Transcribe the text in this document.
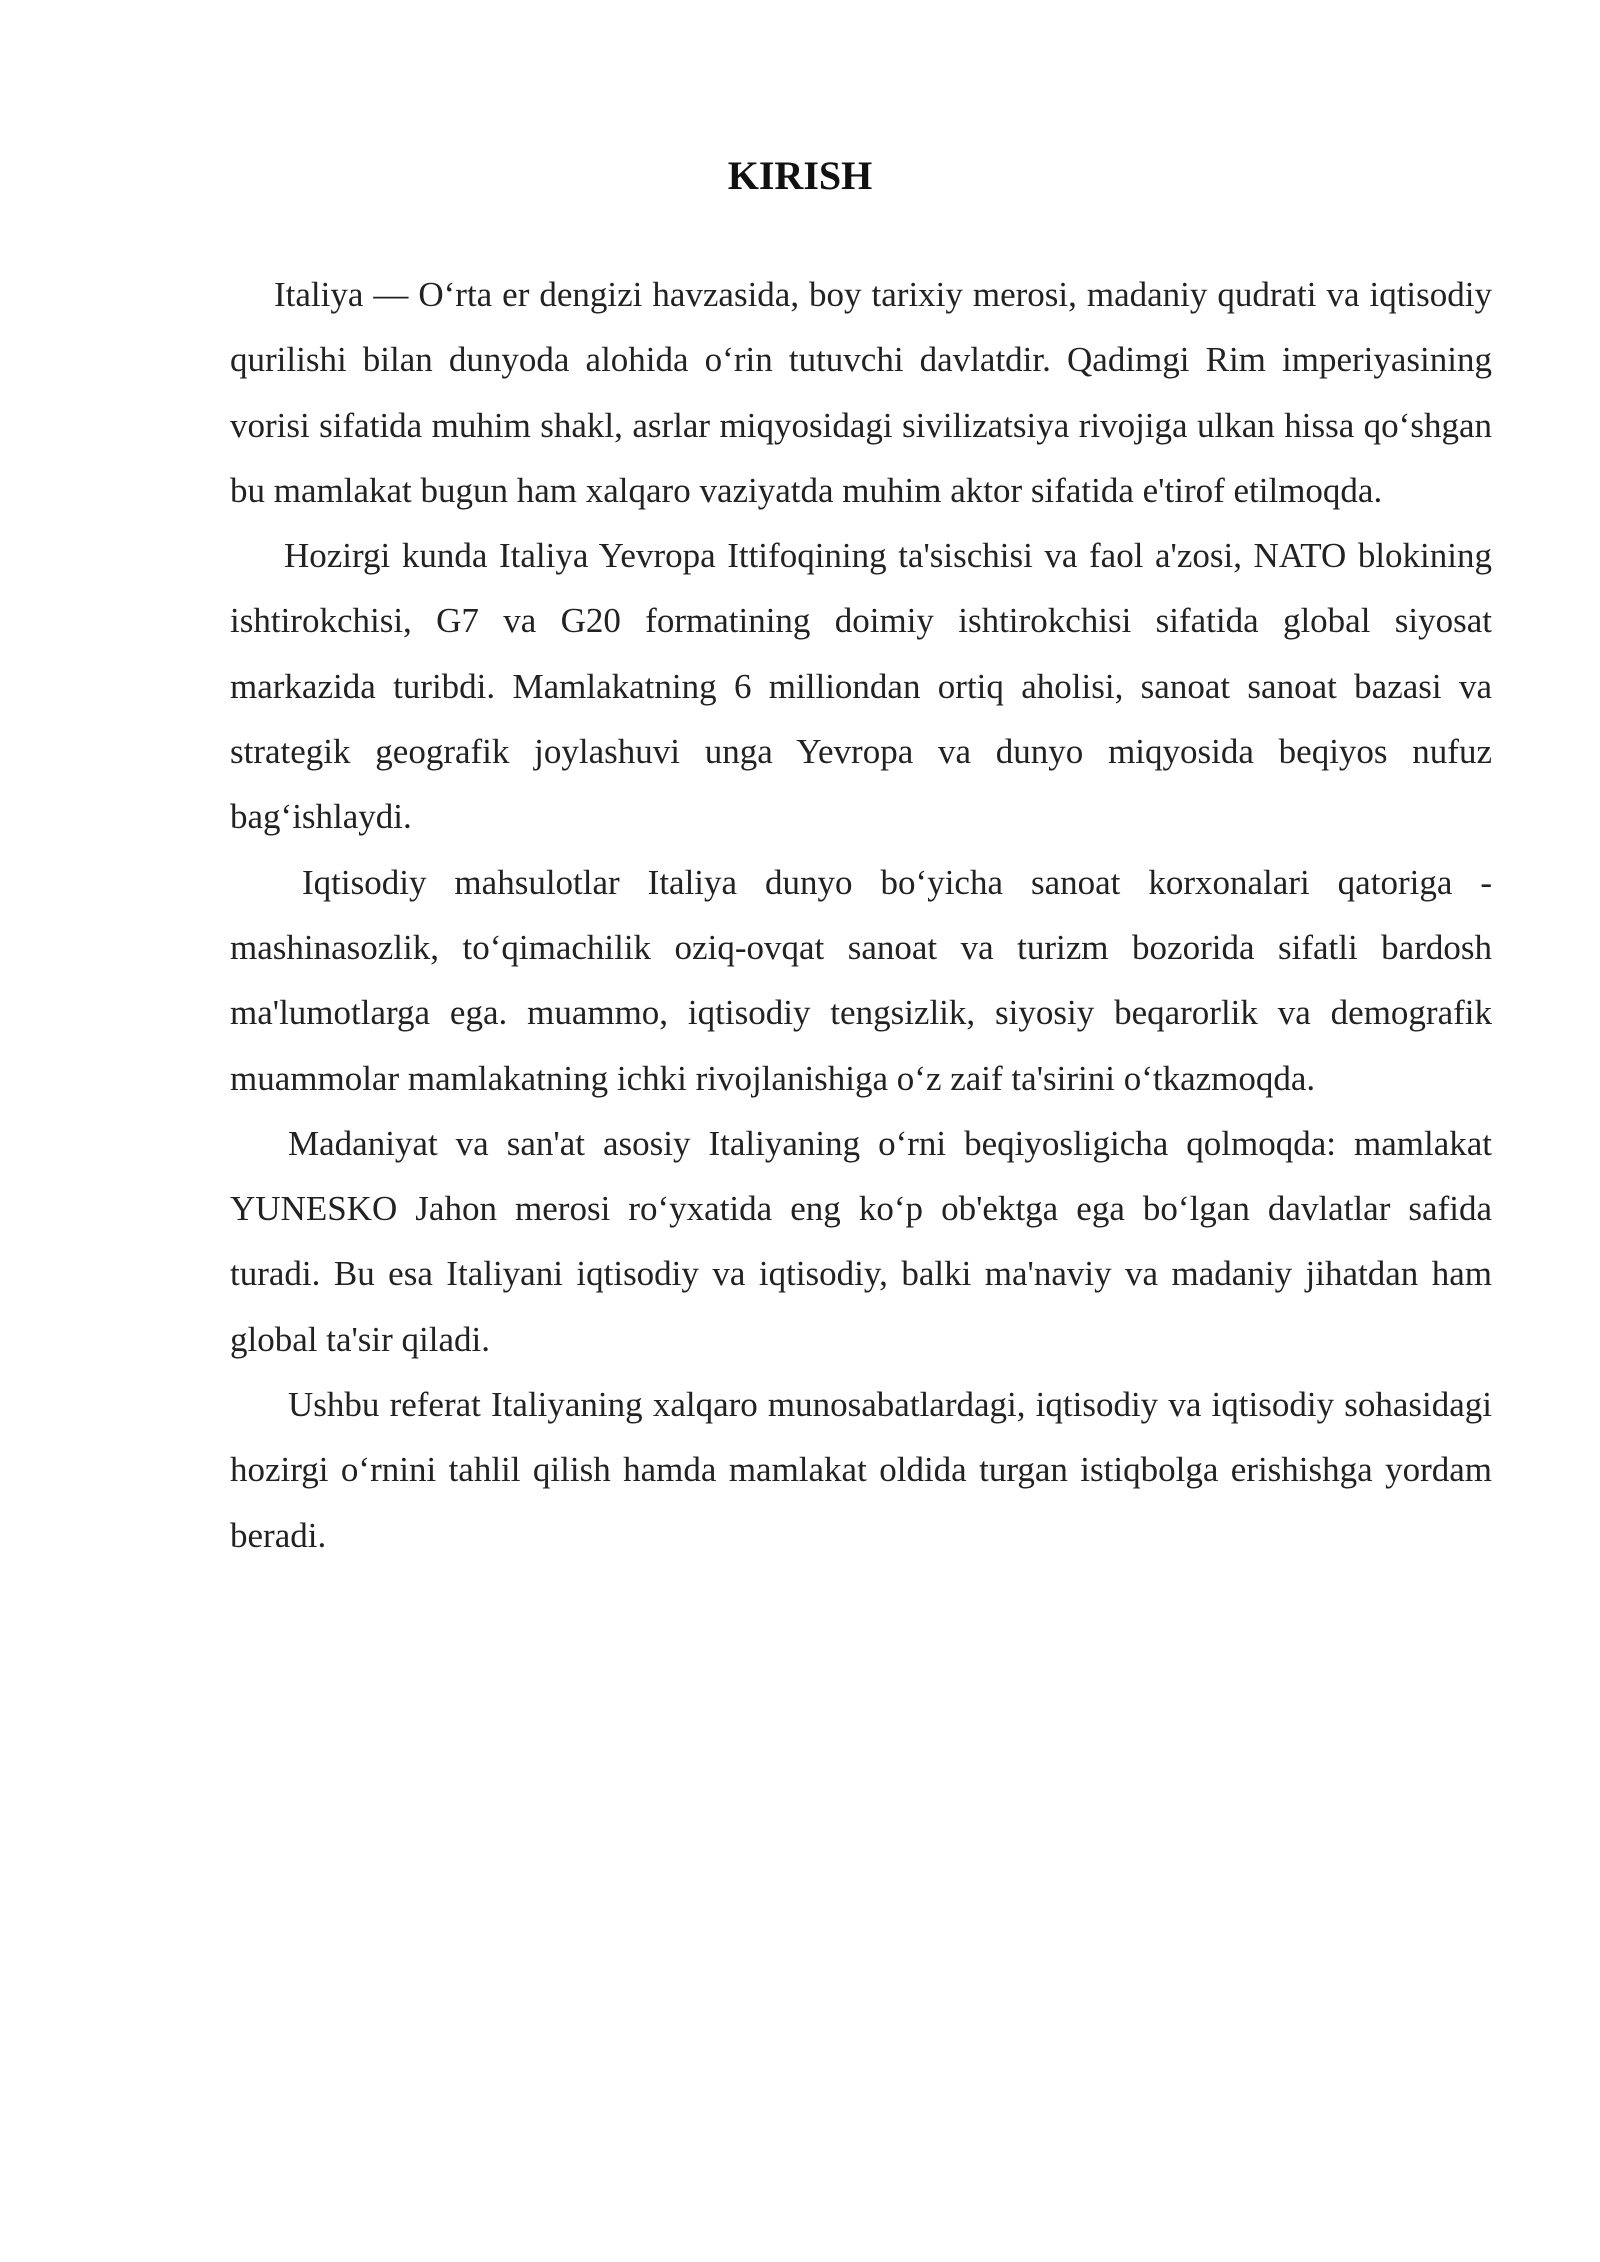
KIRISH

Italiya — O‘rta er dengizi havzasida, boy tarixiy merosi, madaniy qudrati va iqtisodiy qurilishi bilan dunyoda alohida o‘rin tutuvchi davlatdir. Qadimgi Rim imperiyasining vorisi sifatida muhim shakl, asrlar miqyosidagi sivilizatsiya rivojiga ulkan hissa qo‘shgan bu mamlakat bugun ham xalqaro vaziyatda muhim aktor sifatida e'tirof etilmoqda.

Hozirgi kunda Italiya Yevropa Ittifoqining ta'sischisi va faol a'zosi, NATO blokining ishtirokchisi, G7 va G20 formatining doimiy ishtirokchisi sifatida global siyosat markazida turibdi. Mamlakatning 6 milliondan ortiq aholisi, sanoat sanoat bazasi va strategik geografik joylashuvi unga Yevropa va dunyo miqyosida beqiyos nufuz bag‘ishlaydi.

Iqtisodiy mahsulotlar Italiya dunyo bo‘yicha sanoat korxonalari qatoriga - mashinasozlik, to‘qimachilik oziq-ovqat sanoat va turizm bozorida sifatli bardosh ma'lumotlarga ega. muammo, iqtisodiy tengsizlik, siyosiy beqarorlik va demografik muammolar mamlakatning ichki rivojlanishiga o‘z zaif ta'sirini o‘tkazmoqda.

Madaniyat va san'at asosiy Italiyaning o‘rni beqiyosligicha qolmoqda: mamlakat YUNESKO Jahon merosi ro‘yxatida eng ko‘p ob'ektga ega bo‘lgan davlatlar safida turadi. Bu esa Italiyani iqtisodiy va iqtisodiy, balki ma'naviy va madaniy jihatdan ham global ta'sir qiladi.

Ushbu referat Italiyaning xalqaro munosabatlardagi, iqtisodiy va iqtisodiy sohasidagi hozirgi o‘rnini tahlil qilish hamda mamlakat oldida turgan istiqbolga erishishga yordam beradi.
